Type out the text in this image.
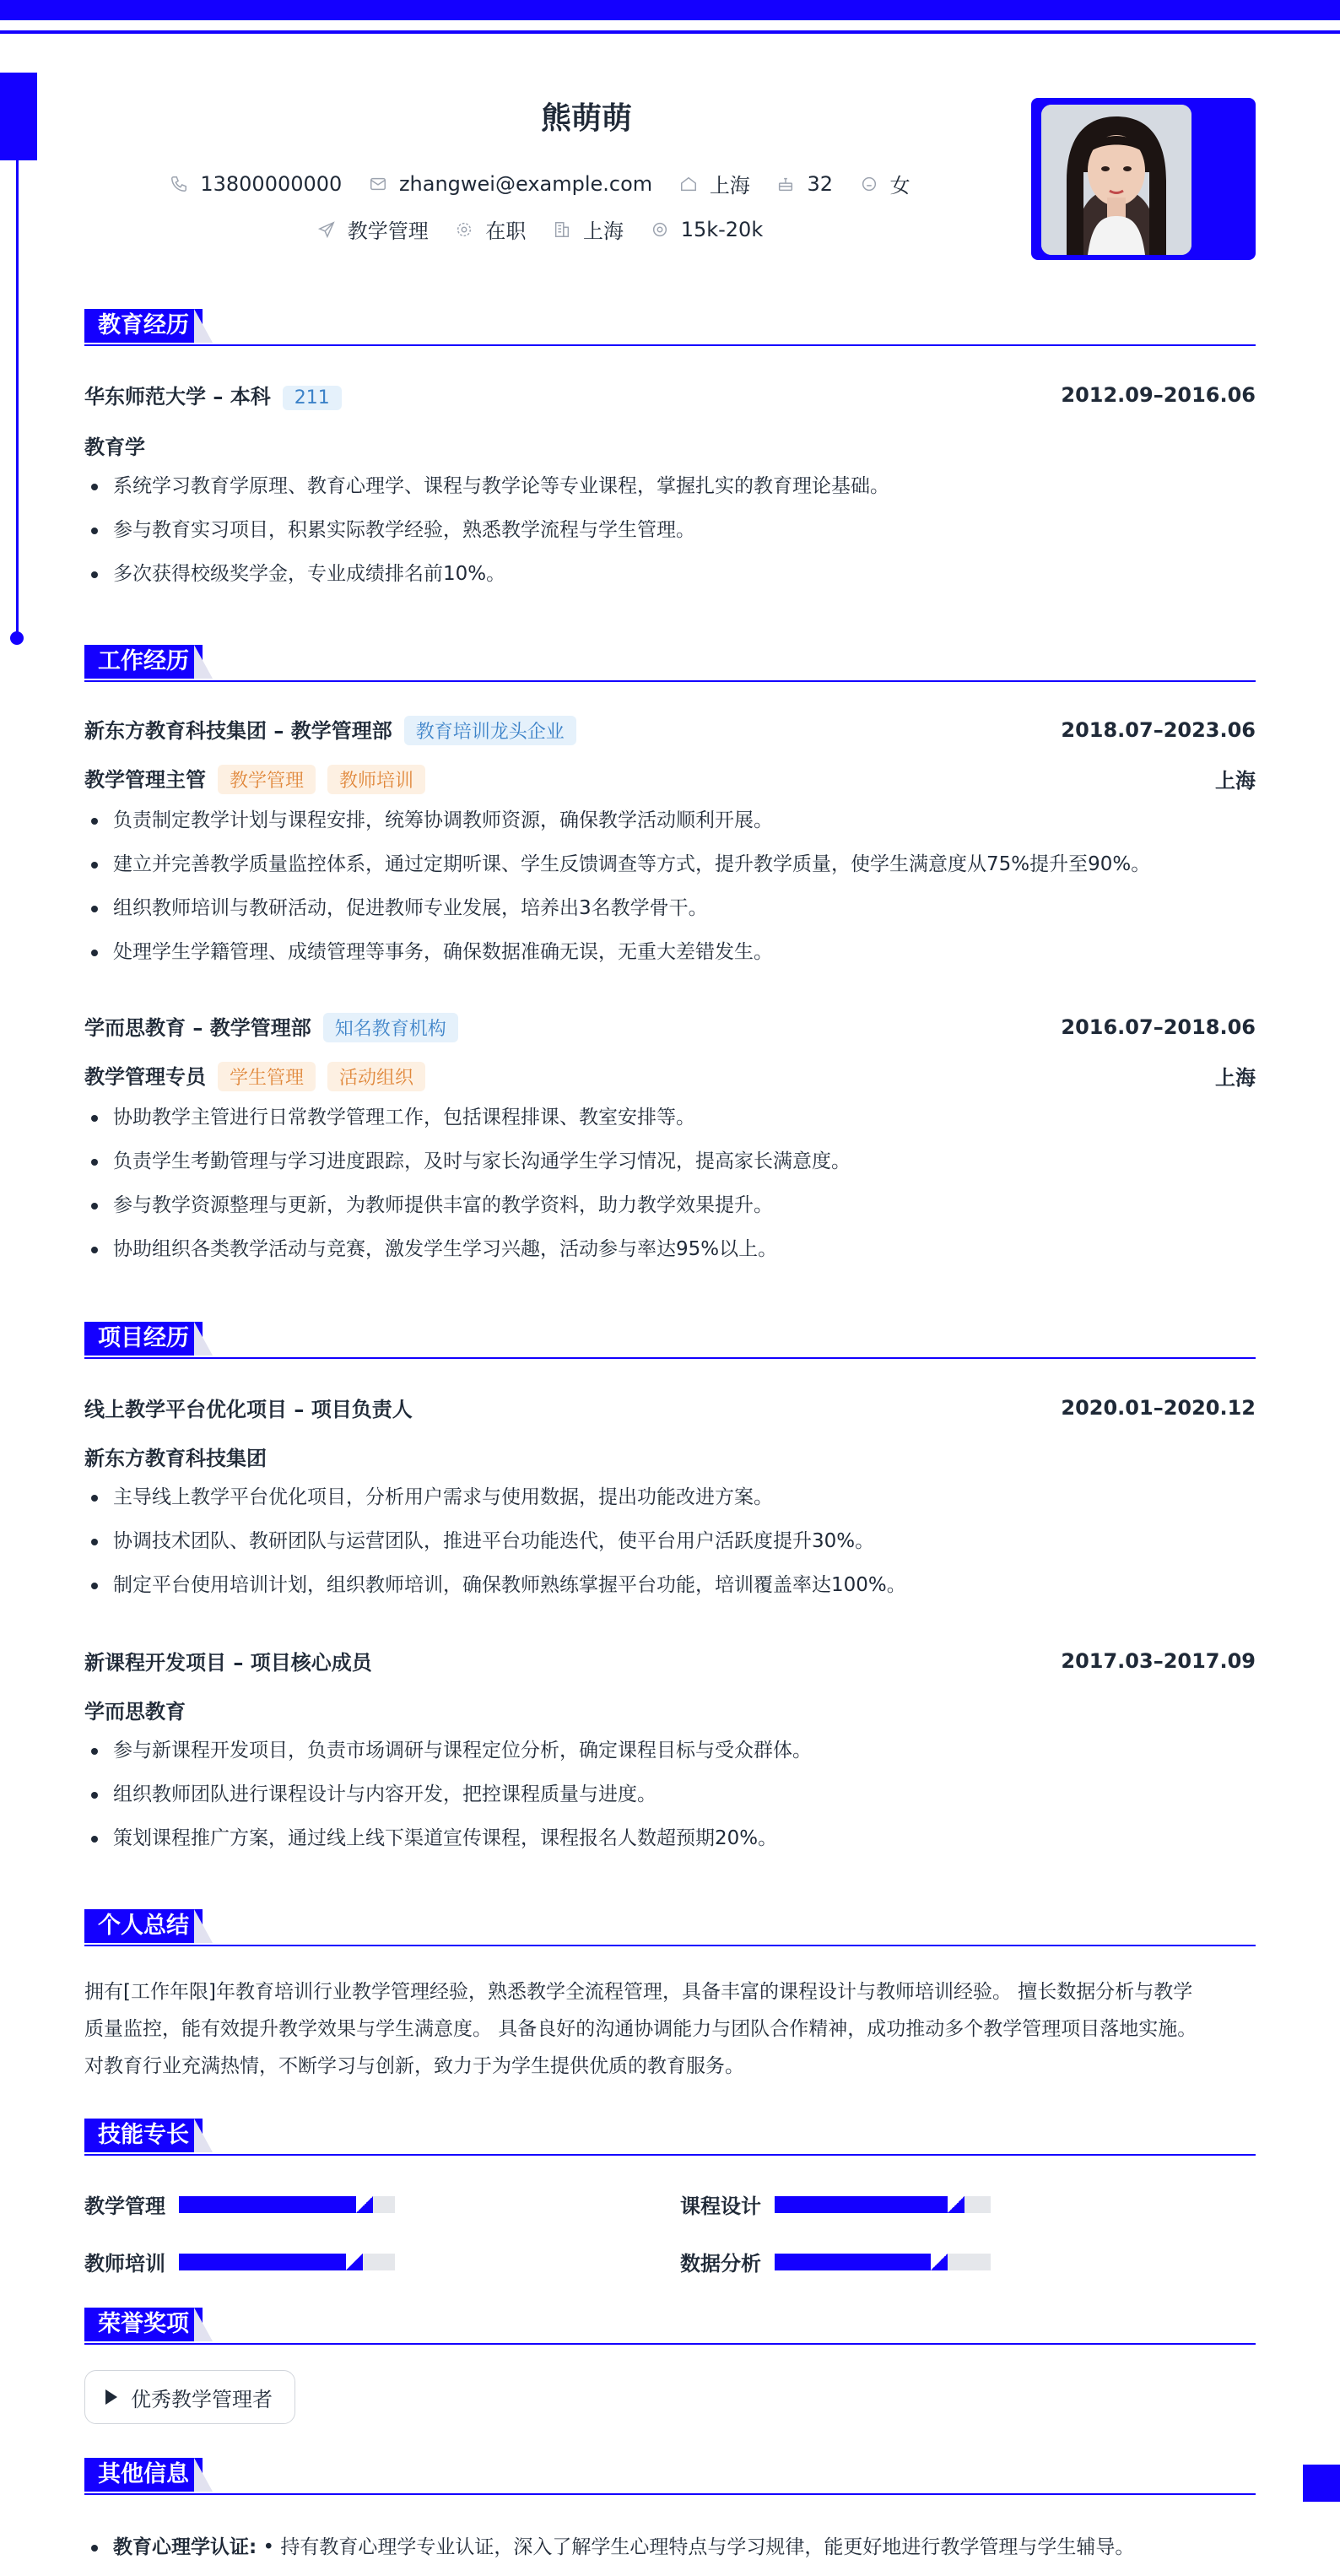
熊萌萌
13800000000
	zhangwei@example.com
	上海
	32
	女
教学管理
	在职
	上海
	15k-20k
教育经历
华东师范大学 – 本科 211	2012.09–2016.06
教育学
系统学习教育学原理、教育心理学、课程与教学论等专业课程，掌握扎实的教育理论基础。
参与教育实习项目，积累实际教学经验，熟悉教学流程与学生管理。
多次获得校级奖学金，专业成绩排名前10%。
工作经历
新东方教育科技集团 – 教学管理部 教育培训龙头企业	2018.07–2023.06
教学管理主管 教学管理 教师培训	上海
负责制定教学计划与课程安排，统筹协调教师资源，确保教学活动顺利开展。
建立并完善教学质量监控体系，通过定期听课、学生反馈调查等方式，提升教学质量，使学生满意度从75%提升至90%。
组织教师培训与教研活动，促进教师专业发展，培养出3名教学骨干。
处理学生学籍管理、成绩管理等事务，确保数据准确无误，无重大差错发生。
学而思教育 – 教学管理部 知名教育机构	2016.07–2018.06
教学管理专员 学生管理 活动组织	上海
协助教学主管进行日常教学管理工作，包括课程排课、教室安排等。
负责学生考勤管理与学习进度跟踪，及时与家长沟通学生学习情况，提高家长满意度。
参与教学资源整理与更新，为教师提供丰富的教学资料，助力教学效果提升。
协助组织各类教学活动与竞赛，激发学生学习兴趣，活动参与率达95%以上。
项目经历
线上教学平台优化项目 – 项目负责人	2020.01–2020.12
新东方教育科技集团
主导线上教学平台优化项目，分析用户需求与使用数据，提出功能改进方案。
协调技术团队、教研团队与运营团队，推进平台功能迭代，使平台用户活跃度提升30%。
制定平台使用培训计划，组织教师培训，确保教师熟练掌握平台功能，培训覆盖率达100%。
新课程开发项目 – 项目核心成员	2017.03–2017.09
学而思教育
参与新课程开发项目，负责市场调研与课程定位分析，确定课程目标与受众群体。
组织教师团队进行课程设计与内容开发，把控课程质量与进度。
策划课程推广方案，通过线上线下渠道宣传课程，课程报名人数超预期20%。
个人总结
拥有[工作年限]年教育培训行业教学管理经验，熟悉教学全流程管理，具备丰富的课程设计与教师培训经验。 擅长数据分析与教学
质量监控，能有效提升教学效果与学生满意度。 具备良好的沟通协调能力与团队合作精神，成功推动多个教学管理项目落地实施。
对教育行业充满热情，不断学习与创新，致力于为学生提供优质的教育服务。
技能专长
教学管理	课程设计
教师培训	数据分析
荣誉奖项
优秀教学管理者
其他信息
教育心理学认证: • 持有教育心理学专业认证，深入了解学生心理特点与学习规律，能更好地进行教学管理与学生辅导。
